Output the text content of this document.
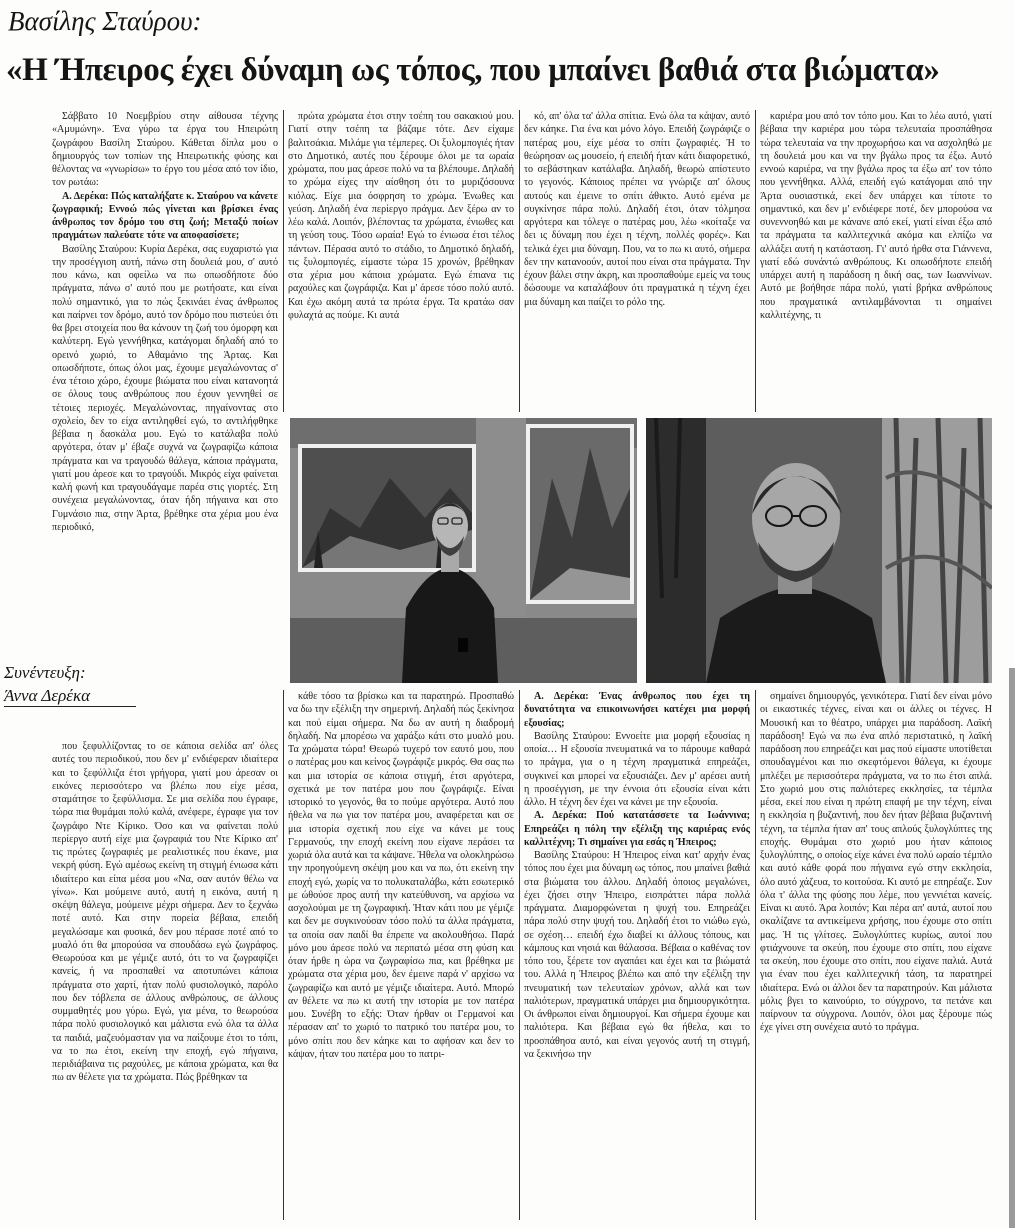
Βασίλης Σταύρου:
«Η Ήπειρος έχει δύναμη ως τόπος, που μπαίνει βαθιά στα βιώματα»

Σάββατο 10 Νοεμβρίου στην αίθουσα τέχνης «Αμυμώνη». Ένα γύρω τα έργα του Ηπειρώτη ζωγράφου Βασίλη Σταύρου. Κάθεται δίπλα μου ο δημιουργός των τοπίων της Ηπειρωτικής φύσης και θέλοντας να «γνωρίσω» το έργο του μέσα από τον ίδιο, τον ρωτάω:

Α. Δερέκα: Πώς καταλήξατε κ. Σταύρου να κάνετε ζωγραφική; Εννοώ πώς γίνεται και βρίσκει ένας άνθρωπος τον δρόμο του στη ζωή; Μεταξύ ποίων πραγμάτων παλεύατε τότε να αποφασίσετε;

Βασίλης Σταύρου: Κυρία Δερέκα, σας ευχαριστώ για την προσέγγιση αυτή, πάνω στη δουλειά μου, σ' αυτό που κάνω, και οφείλω να πω οπωσδήποτε δύο πράγματα, πάνω σ' αυτό που με ρωτήσατε, και είναι πολύ σημαντικό, για το πώς ξεκινάει ένας άνθρωπος και παίρνει τον δρόμο, αυτό τον δρόμο που πιστεύει ότι θα βρει στοιχεία που θα κάνουν τη ζωή του όμορφη και καλύτερη. Εγώ γεννήθηκα, κατάγομαι δηλαδή από το ορεινό χωριό, το Αθαμάνιο της Άρτας. Και οπωσδήποτε, όπως όλοι μας, έχουμε μεγαλώνοντας σ' ένα τέτοιο χώρο, έχουμε βιώματα που είναι κατανοητά σε όλους τους ανθρώπους που έχουν γεννηθεί σε τέτοιες περιοχές. Μεγαλώνοντας, πηγαίνοντας στο σχολείο, δεν το είχα αντιληφθεί εγώ, το αντιλήφθηκε βέβαια η δασκάλα μου. Εγώ το κατάλαβα πολύ αργότερα, όταν μ' έβαζε συχνά να ζωγραφίζω κάποια πράγματα και να τραγουδώ θάλεγα, κάποια πράγματα, γιατί μου άρεσε και το τραγούδι. Μικρός είχα φαίνεται καλή φωνή και τραγουδάγαμε παρέα στις γιορτές. Στη συνέχεια μεγαλώνοντας, όταν ήδη πήγαινα και στο Γυμνάσιο πια, στην Άρτα, βρέθηκε στα χέρια μου ένα περιοδικό,

πρώτα χρώματα έτσι στην τσέπη του σακακιού μου. Γιατί στην τσέπη τα βάζαμε τότε. Δεν είχαμε βαλιτσάκια. Μιλάμε για τέμπερες. Οι ξυλομπογιές ήταν στο Δημοτικό, αυτές που ξέρουμε όλοι με τα ωραία χρώματα, που μας άρεσε πολύ να τα βλέπουμε. Δηλαδή το χρώμα είχες την αίσθηση ότι το μυριζόσουνα κιόλας. Είχε μια όσφρηση το χρώμα. Ένωθες και γεύση. Δηλαδή ένα περίεργο πράγμα. Δεν ξέρω αν το λέω καλά. Λοιπόν, βλέποντας τα χρώματα, ένιωθες και τη γεύση τους. Τόσο ωραία! Εγώ το ένιωσα έτσι τέλος πάντων. Πέρασα αυτό το στάδιο, το Δημοτικό δηλαδή, τις ξυλομπογιές, είμαστε τώρα 15 χρονών, βρέθηκαν στα χέρια μου κάποια χρώματα. Εγώ έπιανα τις ραχούλες και ζωγράφιζα. Και μ' άρεσε τόσο πολύ αυτό. Και έχω ακόμη αυτά τα πρώτα έργα. Τα κρατάω σαν φυλαχτά ας πούμε. Κι αυτά

κό, απ' όλα τα' άλλα σπίτια. Ενώ όλα τα κάψαν, αυτό δεν κάηκε. Για ένα και μόνο λόγο. Επειδή ζωγράφιζε ο πατέρας μου, είχε μέσα το σπίτι ζωγραφιές. Ή το θεώρησαν ως μουσείο, ή επειδή ήταν κάτι διαφορετικό, το σεβάστηκαν κατάλαβα. Δηλαδή, θεωρώ απίστευτο το γεγονός. Κάποιος πρέπει να γνώριζε απ' όλους αυτούς και έμεινε το σπίτι άθικτο. Αυτό εμένα με συγκίνησε πάρα πολύ. Δηλαδή έτσι, όταν τόλμησα αργότερα και τόλεγε ο πατέρας μου, λέω «κοίταξε να δει ις δύναμη που έχει η τέχνη, πολλές φορές». Και τελικά έχει μια δύναμη. Που, να το πω κι αυτό, σήμερα δεν την κατανοούν, αυτοί που είναι στα πράγματα. Την έχουν βάλει στην άκρη, και προσπαθούμε εμείς να τους δώσουμε να καταλάβουν ότι πραγματικά η τέχνη έχει μια δύναμη και παίζει το ρόλο της.

καριέρα μου από τον τόπο μου. Και το λέω αυτό, γιατί βέβαια την καριέρα μου τώρα τελευταία προσπάθησα τώρα τελευταία να την προχωρήσω και να ασχοληθώ με τη δουλειά μου και να την βγάλω προς τα έξω. Αυτό εννοώ καριέρα, να την βγάλω προς τα έξω απ' τον τόπο που γεννήθηκα. Αλλά, επειδή εγώ κατάγομαι από την Άρτα ουσιαστικά, εκεί δεν υπάρχει και τίποτε το σημαντικό, και δεν μ' ενδιέφερε ποτέ, δεν μπορούσα να συνεννοηθώ και με κάνανε από εκεί, γιατί είναι έξω από τα πράγματα τα καλλιτεχνικά ακόμα και ελπίζω να αλλάξει αυτή η κατάσταση. Γι' αυτό ήρθα στα Γιάννενα, γιατί εδώ συνάντώ ανθρώπους. Κι οπωσδήποτε επειδή υπάρχει αυτή η παράδοση η δική σας, των Ιωαννίνων. Αυτό με βοήθησε πάρα πολύ, γιατί βρήκα ανθρώπους που πραγματικά αντιλαμβάνονται τι σημαίνει καλλιτέχνης, τι

Συνέντευξη:
Άννα Δερέκα

που ξεφυλλίζοντας το σε κάποια σελίδα απ' όλες αυτές του περιοδικού, που δεν μ' ενδιέφεραν ιδιαίτερα και το ξεφύλλιζα έτσι γρήγορα, γιατί μου άρεσαν οι εικόνες περισσότερο να βλέπω που είχε μέσα, σταμάτησε το ξεφύλλισμα. Σε μια σελίδα που έγραφε, τώρα πια θυμάμαι πολύ καλά, ανέφερε, έγραφε για τον ζωγράφο Ντε Κίρικο. Όσο και να φαίνεται πολύ περίεργο αυτή είχε μια ζωγραφιά του Ντε Κίρικο απ' τις πρώτες ζωγραφιές με ρεαλιστικές που έκανε, μια νεκρή φύση. Εγώ αμέσως εκείνη τη στιγμή ένιωσα κάτι ιδιαίτερο και είπα μέσα μου «Να, σαν αυτόν θέλω να γίνω». Και μούμεινε αυτό, αυτή η εικόνα, αυτή η σκέψη θάλεγα, μούμεινε μέχρι σήμερα. Δεν το ξεχνάω ποτέ αυτό. Και στην πορεία βέβαια, επειδή μεγαλώσαμε και φυσικά, δεν μου πέρασε ποτέ από το μυαλό ότι θα μπορούσα να σπουδάσω εγώ ζωγράφος. Θεωρούσα και με γέμιζε αυτό, ότι το να ζωγραφίζει κανείς, ή να προσπαθεί να αποτυπώνει κάποια πράγματα στο χαρτί, ήταν πολύ φυσιολογικό, παρόλο που δεν τόβλεπα σε άλλους ανθρώπους, σε άλλους συμμαθητές μου γύρω. Εγώ, για μένα, το θεωρούσα πάρα πολύ φυσιολογικό και μάλιστα ενώ όλα τα άλλα τα παιδιά, μαζευόμασταν για να παίξουμε έτσι το τόπι, να το πω έτσι, εκείνη την εποχή, εγώ πήγαινα, περιδιάβαινα τις ραχούλες, με κάποια χρώματα, και θα πω αν θέλετε για τα χρώματα. Πώς βρέθηκαν τα

κάθε τόσο τα βρίσκω και τα παρατηρώ. Προσπαθώ να δω την εξέλιξη την σημερινή. Δηλαδή πώς ξεκίνησα και πού είμαι σήμερα. Να δω αν αυτή η διαδρομή δηλαδή. Να μπορέσω να χαράξω κάτι στο μυαλό μου. Τα χρώματα τώρα! Θεωρώ τυχερό τον εαυτό μου, που ο πατέρας μου και κείνος ζωγράφιζε μικρός. Θα σας πω και μια ιστορία σε κάποια στιγμή, έτσι αργότερα, σχετικά με τον πατέρα μου που ζωγράφιζε. Είναι ιστορικό το γεγονός, θα το πούμε αργότερα. Αυτό που ήθελα να πω για τον πατέρα μου, αναφέρεται και σε μια ιστορία σχετική που είχε να κάνει με τους Γερμανούς, την εποχή εκείνη που είχανε περάσει τα χωριά όλα αυτά και τα κάψανε. Ήθελα να ολοκληρώσω την προηγούμενη σκέψη μου και να πω, ότι εκείνη την εποχή εγώ, χωρίς να το πολυκαταλάβω, κάτι εσωτερικό με ώθούσε προς αυτή την κατεύθυνση, να αρχίσω να ασχολούμαι με τη ζωγραφική. Ήταν κάτι που με γέμιζε και δεν με συγκινούσαν τόσο πολύ τα άλλα πράγματα, τα οποία σαν παιδί θα έπρεπε να ακολουθήσω. Παρά μόνο μου άρεσε πολύ να περπατώ μέσα στη φύση και όταν ήρθε η ώρα να ζωγραφίσω πια, και βρέθηκα με χρώματα στα χέρια μου, δεν έμεινε παρά ν' αρχίσω να ζωγραφίζω και αυτό με γέμιζε ιδιαίτερα. Αυτό. Μπορώ αν θέλετε να πω κι αυτή την ιστορία με τον πατέρα μου. Συνέβη το εξής: Όταν ήρθαν οι Γερμανοί και πέρασαν απ' το χωριό το πατρικό του πατέρα μου, το μόνο σπίτι που δεν κάηκε και το αφήσαν και δεν το κάψαν, ήταν του πατέρα μου το πατρι-

Α. Δερέκα: Ένας άνθρωπος που έχει τη δυνατότητα να επικοινωνήσει κατέχει μια μορφή εξουσίας;

Βασίλης Σταύρου: Εννοείτε μια μορφή εξουσίας η οποία… Η εξουσία πνευματικά να το πάρουμε καθαρά το πράγμα, για ο η τέχνη πραγματικά επηρεάζει, συγκινεί και μπορεί να εξουσιάζει. Δεν μ' αρέσει αυτή η προσέγγιση, με την έννοια ότι εξουσία είναι κάτι άλλο. Η τέχνη δεν έχει να κάνει με την εξουσία.

Α. Δερέκα: Πού κατατάσσετε τα Ιωάννινα; Επηρεάζει η πόλη την εξέλιξη της καριέρας ενός καλλιτέχνη; Τι σημαίνει για εσάς η Ήπειρος;

Βασίλης Σταύρου: Η Ήπειρος είναι κατ' αρχήν ένας τόπος που έχει μια δύναμη ως τόπος, που μπαίνει βαθιά στα βιώματα του άλλου. Δηλαδή όποιος μεγαλώνει, έχει ζήσει στην Ήπειρο, εισπράττει πάρα πολλά πράγματα. Διαμορφώνεται η ψυχή του. Επηρεάζει πάρα πολύ στην ψυχή του. Δηλαδή έτσι το νιώθω εγώ, σε σχέση… επειδή έχω διαβεί κι άλλους τόπους, και κάμπους και νησιά και θάλασσα. Βέβαια ο καθένας τον τόπο του, ξέρετε τον αγαπάει και έχει και τα βιώματά του. Αλλά η Ήπειρος βλέπω και από την εξέλιξη την πνευματική των τελευταίων χρόνων, αλλά και των παλιότερων, πραγματικά υπάρχει μια δημιουργικότητα. Οι άνθρωποι είναι δημιουργοί. Και σήμερα έχουμε και παλιότερα. Και βέβαια εγώ θα ήθελα, και το προσπάθησα αυτό, και είναι γεγονός αυτή τη στιγμή, να ξεκινήσω την

σημαίνει δημιουργός, γενικότερα. Γιατί δεν είναι μόνο οι εικαστικές τέχνες, είναι και οι άλλες οι τέχνες. Η Μουσική και το θέατρο, υπάρχει μια παράδοση. Λαϊκή παράδοση! Εγώ να πω ένα απλό περιστατικό, η λαϊκή παράδοση που επηρεάζει και μας πού είμαστε υποτίθεται σπουδαγμένοι και πιο σκεφτόμενοι θάλεγα, κι έχουμε μπλέξει με περισσότερα πράγματα, να το πω έτσι απλά. Στο χωριό μου στις παλιότερες εκκλησίες, τα τέμπλα μέσα, εκεί που είναι η πρώτη επαφή με την τέχνη, είναι η εκκλησία η βυζαντινή, που δεν ήταν βέβαια βυζαντινή τέχνη, τα τέμπλα ήταν απ' τους απλούς ξυλογλύπτες της εποχής. Θυμάμαι στο χωριό μου ήταν κάποιος ξυλογλύπτης, ο οποίος είχε κάνει ένα πολύ ωραίο τέμπλο και αυτό κάθε φορά που πήγαινα εγώ στην εκκλησία, όλο αυτό χάζευα, το κοιτούσα. Κι αυτό με επηρέαζε. Συν όλα τ' άλλα της φύσης που λέμε, που γεννιέται κανείς. Είναι κι αυτό. Άρα λοιπόν; Και πέρα απ' αυτά, αυτοί που σκαλίζανε τα αντικείμενα χρήσης, που έχουμε στο σπίτι μας. Ή τις γλίτσες. Ξυλογλύπτες κυρίως, αυτοί που φτιάχνουνε τα σκεύη, που έχουμε στο σπίτι, που είχανε τα σκεύη, που έχουμε στο σπίτι, που είχανε παλιά. Αυτά για έναν που έχει καλλιτεχνική τάση, τα παρατηρεί ιδιαίτερα. Ενώ οι άλλοι δεν τα παρατηρούν. Και μάλιστα μόλις βγει το καινούριο, το σύγχρονο, τα πετάνε και παίρνουν τα σύγχρονα. Λοιπόν, όλοι μας ξέρουμε πώς έχε γίνει στη συνέχεια αυτό το πράγμα.
